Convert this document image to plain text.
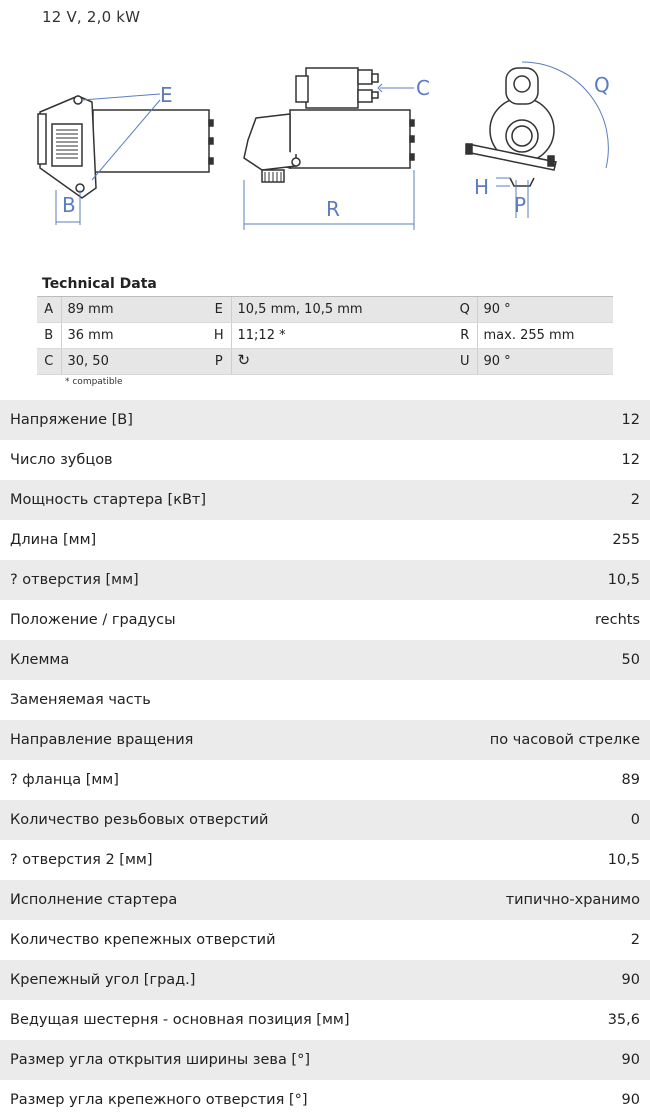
12 V, 2,0 kW
E
B
C
R
Q
H
P
Technical Data
A	89 mm	E	10,5 mm, 10,5 mm	Q	90 °
B	36 mm	H	11;12 *	R	max. 255 mm
C	30, 50	P	↻	U	90 °
* compatible
Напряжение [В]	12
Число зубцов	12
Мощность стартера [кВт]	2
Длина [мм]	255
? отверстия [мм]	10,5
Положение / градусы	rechts
Клемма	50
Заменяемая часть
Направление вращения	по часовой стрелке
? фланца [мм]	89
Количество резьбовых отверстий	0
? отверстия 2 [мм]	10,5
Исполнение стартера	типично-хранимо
Количество крепежных отверстий	2
Крепежный угол [град.]	90
Ведущая шестерня - основная позиция [мм]	35,6
Размер угла открытия ширины зева [°]	90
Размер угла крепежного отверстия [°]	90
